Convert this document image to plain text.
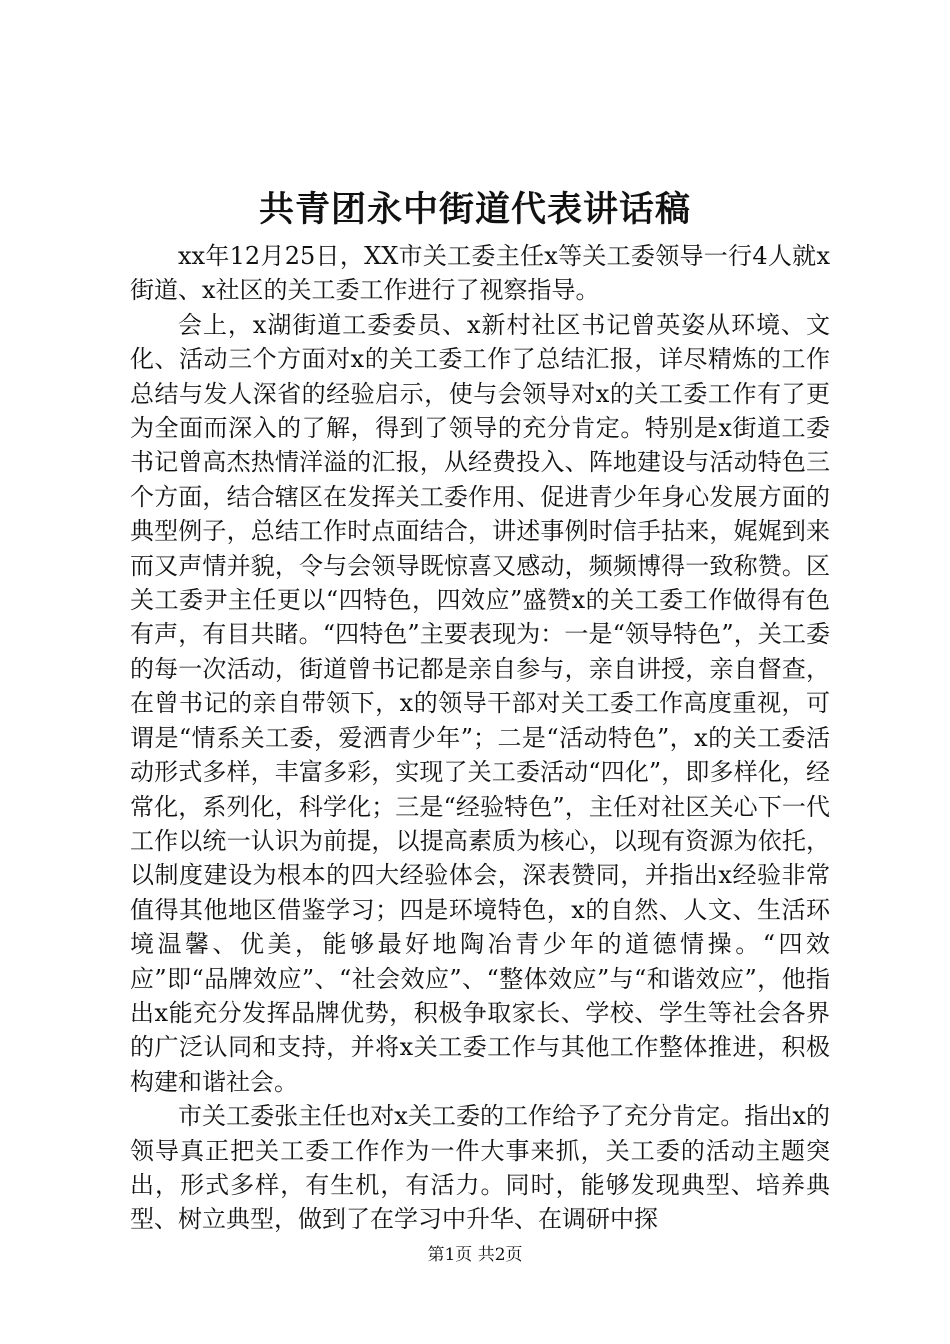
共青团永中街道代表讲话稿

xx年12月25日，XX市关工委主任x等关工委领导一行4人就x街道、x社区的关工委工作进行了视察指导。

会上，x湖街道工委委员、x新村社区书记曾英姿从环境、文化、活动三个方面对x的关工委工作了总结汇报，详尽精炼的工作总结与发人深省的经验启示，使与会领导对x的关工委工作有了更为全面而深入的了解，得到了领导的充分肯定。特别是x街道工委书记曾高杰热情洋溢的汇报，从经费投入、阵地建设与活动特色三个方面，结合辖区在发挥关工委作用、促进青少年身心发展方面的典型例子，总结工作时点面结合，讲述事例时信手拈来，娓娓到来而又声情并貌，令与会领导既惊喜又感动，频频博得一致称赞。区关工委尹主任更以“四特色，四效应”盛赞x的关工委工作做得有色有声，有目共睹。“四特色”主要表现为：一是“领导特色”，关工委的每一次活动，街道曾书记都是亲自参与，亲自讲授，亲自督查，在曾书记的亲自带领下，x的领导干部对关工委工作高度重视，可谓是“情系关工委，爱洒青少年”；二是“活动特色”，x的关工委活动形式多样，丰富多彩，实现了关工委活动“四化”，即多样化，经常化，系列化，科学化；三是“经验特色”，主任对社区关心下一代工作以统一认识为前提，以提高素质为核心，以现有资源为依托，以制度建设为根本的四大经验体会，深表赞同，并指出x经验非常值得其他地区借鉴学习；四是环境特色，x的自然、人文、生活环境温馨、优美，能够最好地陶冶青少年的道德情操。“四效应”即“品牌效应”、“社会效应”、“整体效应”与“和谐效应”，他指出x能充分发挥品牌优势，积极争取家长、学校、学生等社会各界的广泛认同和支持，并将x关工委工作与其他工作整体推进，积极构建和谐社会。

市关工委张主任也对x关工委的工作给予了充分肯定。指出x的领导真正把关工委工作作为一件大事来抓，关工委的活动主题突出，形式多样，有生机，有活力。同时，能够发现典型、培养典型、树立典型，做到了在学习中升华、在调研中探

第1页 共2页
